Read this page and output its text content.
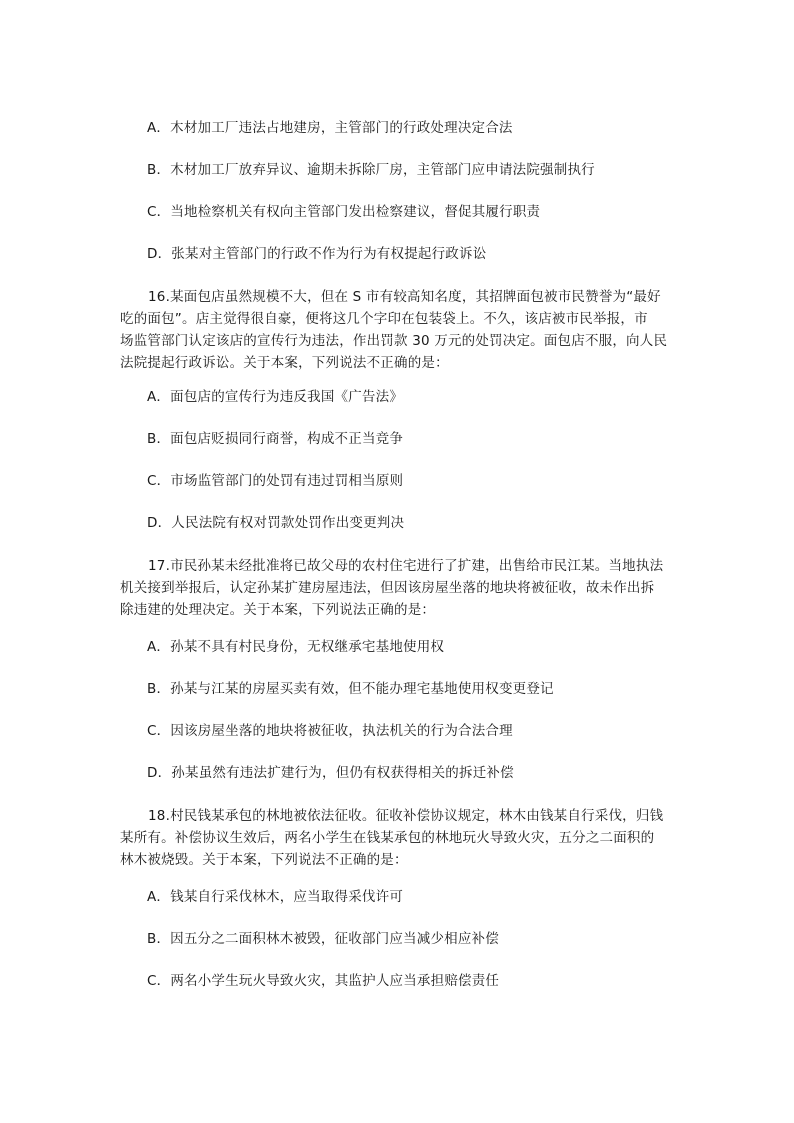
A．木材加工厂违法占地建房，主管部门的行政处理决定合法
B．木材加工厂放弃异议、逾期未拆除厂房，主管部门应申请法院强制执行
C．当地检察机关有权向主管部门发出检察建议，督促其履行职责
D．张某对主管部门的行政不作为行为有权提起行政诉讼
16.某面包店虽然规模不大，但在 S 市有较高知名度，其招牌面包被市民赞誉为“最好
吃的面包”。店主觉得很自豪，便将这几个字印在包装袋上。不久，该店被市民举报，市
场监管部门认定该店的宣传行为违法，作出罚款 30 万元的处罚决定。面包店不服，向人民
法院提起行政诉讼。关于本案，下列说法不正确的是：
A．面包店的宣传行为违反我国《广告法》
B．面包店贬损同行商誉，构成不正当竞争
C．市场监管部门的处罚有违过罚相当原则
D．人民法院有权对罚款处罚作出变更判决
17.市民孙某未经批准将已故父母的农村住宅进行了扩建，出售给市民江某。当地执法
机关接到举报后，认定孙某扩建房屋违法，但因该房屋坐落的地块将被征收，故未作出拆
除违建的处理决定。关于本案，下列说法正确的是：
A．孙某不具有村民身份，无权继承宅基地使用权
B．孙某与江某的房屋买卖有效，但不能办理宅基地使用权变更登记
C．因该房屋坐落的地块将被征收，执法机关的行为合法合理
D．孙某虽然有违法扩建行为，但仍有权获得相关的拆迁补偿
18.村民钱某承包的林地被依法征收。征收补偿协议规定，林木由钱某自行采伐，归钱
某所有。补偿协议生效后，两名小学生在钱某承包的林地玩火导致火灾，五分之二面积的
林木被烧毁。关于本案，下列说法不正确的是：
A．钱某自行采伐林木，应当取得采伐许可
B．因五分之二面积林木被毁，征收部门应当减少相应补偿
C．两名小学生玩火导致火灾，其监护人应当承担赔偿责任
